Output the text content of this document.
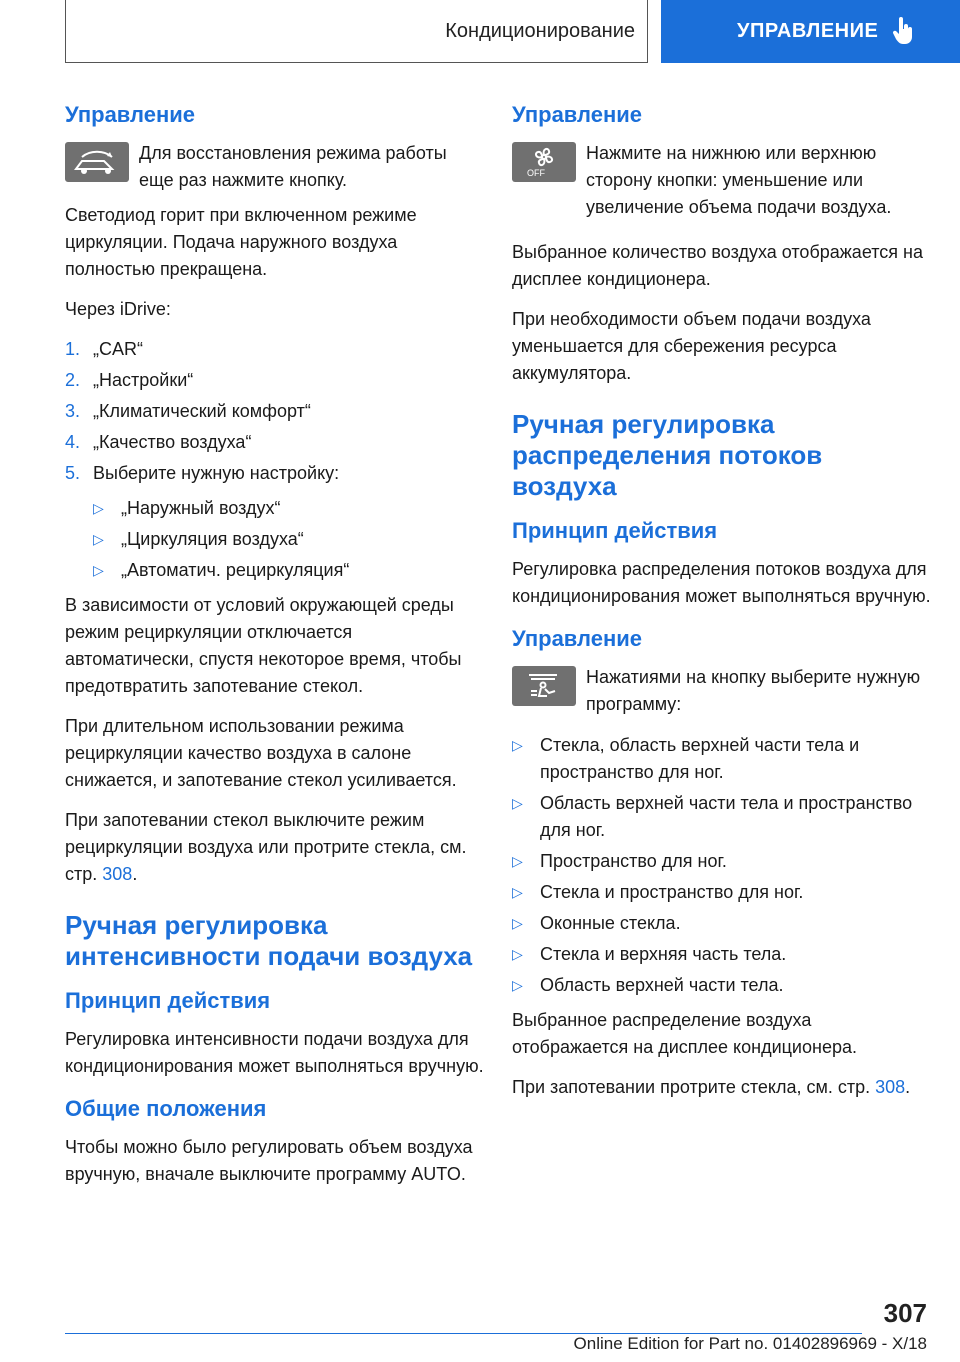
Кондиционирование	УПРАВЛЕНИЕ
Управление

Для восстановления режима работы еще раз нажмите кнопку.

Светодиод горит при включенном режиме циркуляции. Подача наружного воздуха полностью прекращена.

Через iDrive:

1. „CAR“
2. „Настройки“
3. „Климатический комфорт“
4. „Качество воздуха“
5. Выберите нужную настройку:
▷ „Наружный воздух“
▷ „Циркуляция воздуха“
▷ „Автоматич. рециркуляция“

В зависимости от условий окружающей среды режим рециркуляции отключается автоматически, спустя некоторое время, чтобы предотвратить запотевание стекол.

При длительном использовании режима рециркуляции качество воздуха в салоне снижается, и запотевание стекол усиливается.

При запотевании стекол выключите режим рециркуляции воздуха или протрите стекла, см. стр. 308.

Ручная регулировка интенсивности подачи воздуха
Принцип действия

Регулировка интенсивности подачи воздуха для кондиционирования может выполняться вручную.

Общие положения

Чтобы можно было регулировать объем воздуха вручную, вначале выключите программу AUTO.

Управление
OFF

Нажмите на нижнюю или верхнюю сторону кнопки: уменьшение или увеличение объема подачи воздуха.

Выбранное количество воздуха отображается на дисплее кондиционера.

При необходимости объем подачи воздуха уменьшается для сбережения ресурса аккумулятора.

Ручная регулировка распределения потоков воздуха
Принцип действия

Регулировка распределения потоков воздуха для кондиционирования может выполняться вручную.

Управление

Нажатиями на кнопку выберите нужную программу:

▷ Стекла, область верхней части тела и пространство для ног.
▷ Область верхней части тела и пространство для ног.
▷ Пространство для ног.
▷ Стекла и пространство для ног.
▷ Оконные стекла.
▷ Стекла и верхняя часть тела.
▷ Область верхней части тела.

Выбранное распределение воздуха отображается на дисплее кондиционера.

При запотевании протрите стекла, см. стр. 308.

307
Online Edition for Part no. 01402896969 - X/18
